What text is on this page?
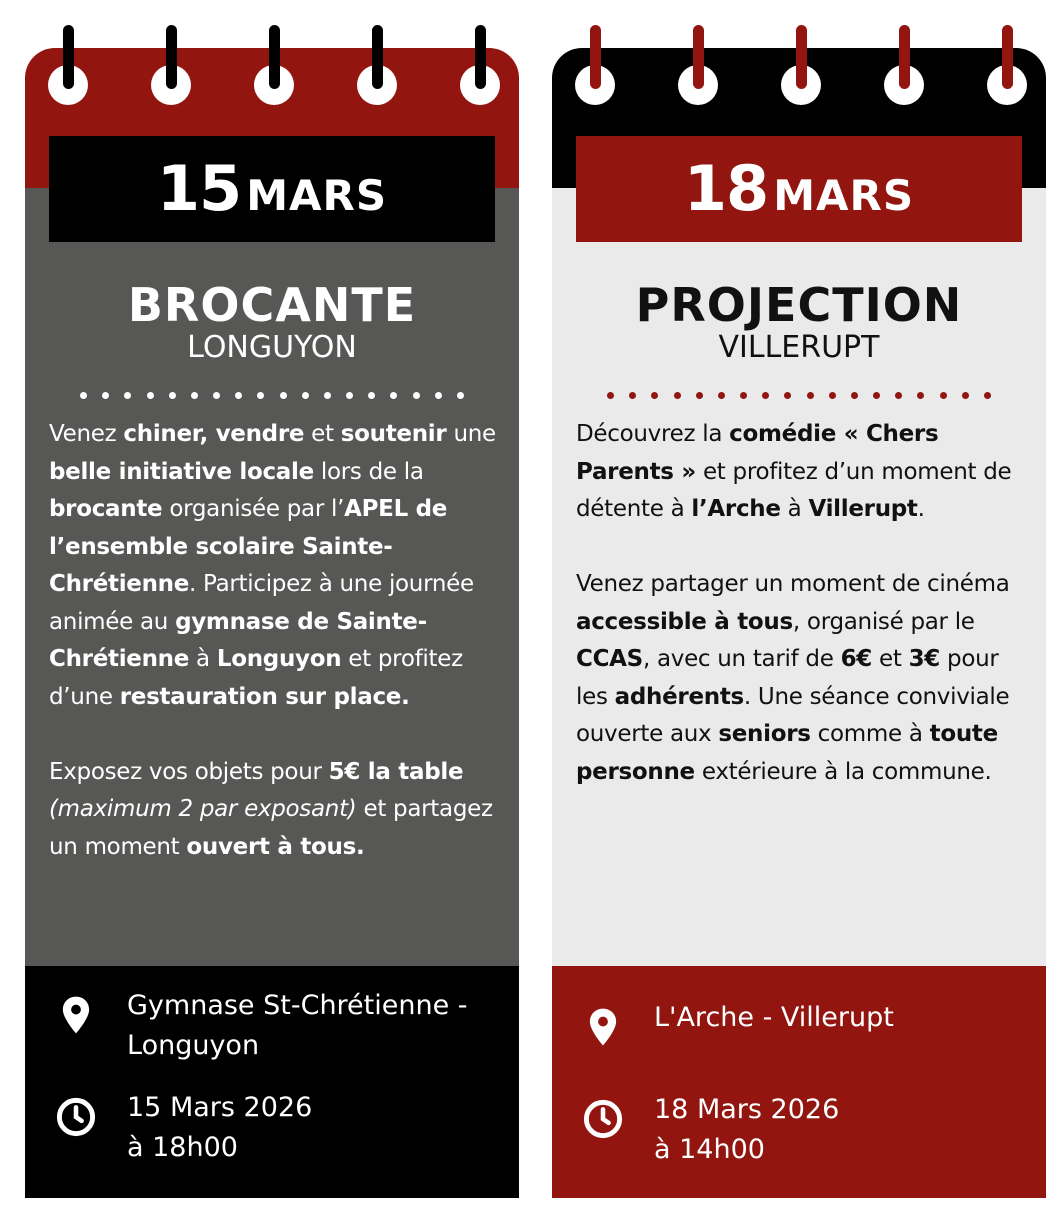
15 MARS
BROCANTE
LONGUYON

Venez chiner, vendre et soutenir une belle initiative locale lors de la brocante organisée par l’APEL de l’ensemble scolaire Sainte-Chrétienne. Participez à une journée animée au gymnase de Sainte-Chrétienne à Longuyon et profitez d’une restauration sur place.

Exposez vos objets pour 5€ la table (maximum 2 par exposant) et partagez un moment ouvert à tous.

Gymnase St-Chrétienne - Longuyon
15 Mars 2026
à 18h00
18 MARS
PROJECTION
VILLERUPT

Découvrez la comédie « Chers Parents » et profitez d’un moment de détente à l’Arche à Villerupt.

Venez partager un moment de cinéma accessible à tous, organisé par le CCAS, avec un tarif de 6€ et 3€ pour les adhérents. Une séance conviviale ouverte aux seniors comme à toute personne extérieure à la commune.

L'Arche - Villerupt
18 Mars 2026
à 14h00
